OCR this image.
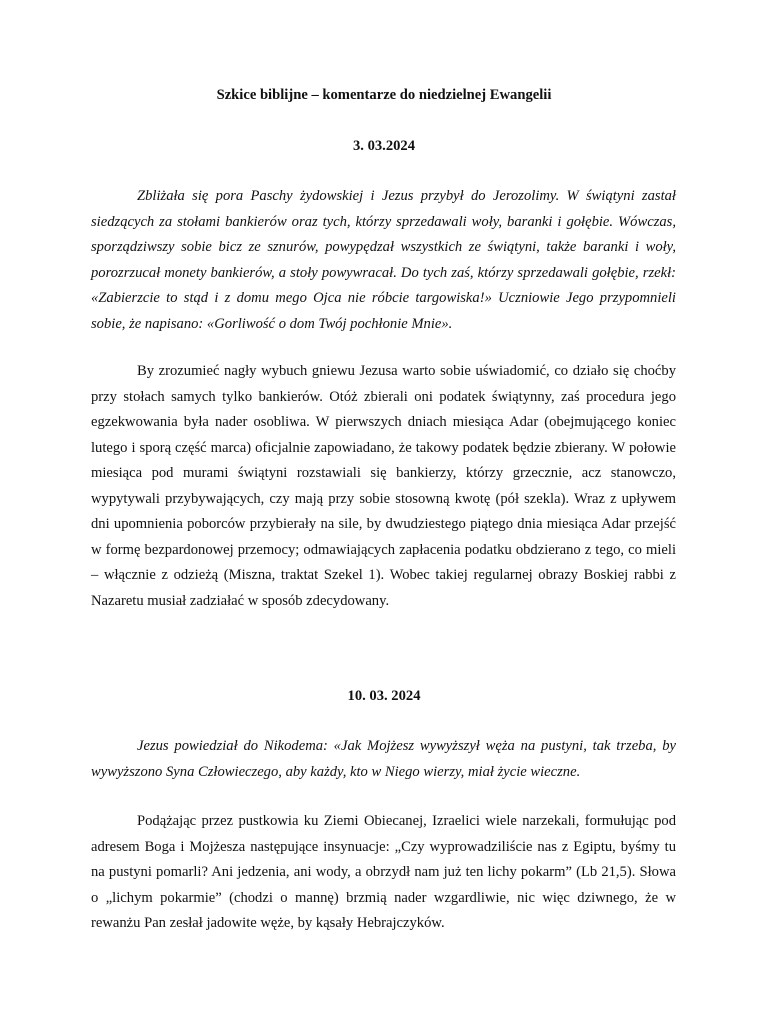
Szkice biblijne – komentarze do niedzielnej Ewangelii
3. 03.2024

Zbliżała się pora Paschy żydowskiej i Jezus przybył do Jerozolimy. W świątyni zastał siedzących za stołami bankierów oraz tych, którzy sprzedawali woły, baranki i gołębie. Wówczas, sporządziwszy sobie bicz ze sznurów, powypędzał wszystkich ze świątyni, także baranki i woły, porozrzucał monety bankierów, a stoły powywracał. Do tych zaś, którzy sprzedawali gołębie, rzekł: «Zabierzcie to stąd i z domu mego Ojca nie róbcie targowiska!» Uczniowie Jego przypomnieli sobie, że napisano: «Gorliwość o dom Twój pochłonie Mnie».

By zrozumieć nagły wybuch gniewu Jezusa warto sobie uświadomić, co działo się choćby przy stołach samych tylko bankierów. Otóż zbierali oni podatek świątynny, zaś procedura jego egzekwowania była nader osobliwa. W pierwszych dniach miesiąca Adar (obejmującego koniec lutego i sporą część marca) oficjalnie zapowiadano, że takowy podatek będzie zbierany. W połowie miesiąca pod murami świątyni rozstawiali się bankierzy, którzy grzecznie, acz stanowczo, wypytywali przybywających, czy mają przy sobie stosowną kwotę (pół szekla). Wraz z upływem dni upomnienia poborców przybierały na sile, by dwudziestego piątego dnia miesiąca Adar przejść w formę bezpardonowej przemocy; odmawiających zapłacenia podatku obdzierano z tego, co mieli – włącznie z odzieżą (Miszna, traktat Szekel 1). Wobec takiej regularnej obrazy Boskiej rabbi z Nazaretu musiał zadziałać w sposób zdecydowany.

10. 03. 2024

Jezus powiedział do Nikodema: «Jak Mojżesz wywyższył węża na pustyni, tak trzeba, by wywyższono Syna Człowieczego, aby każdy, kto w Niego wierzy, miał życie wieczne.

Podążając przez pustkowia ku Ziemi Obiecanej, Izraelici wiele narzekali, formułując pod adresem Boga i Mojżesza następujące insynuacje: „Czy wyprowadziliście nas z Egiptu, byśmy tu na pustyni pomarli? Ani jedzenia, ani wody, a obrzydł nam już ten lichy pokarm” (Lb 21,5). Słowa o „lichym pokarmie” (chodzi o mannę) brzmią nader wzgardliwie, nic więc dziwnego, że w rewanżu Pan zesłał jadowite węże, by kąsały Hebrajczyków.
